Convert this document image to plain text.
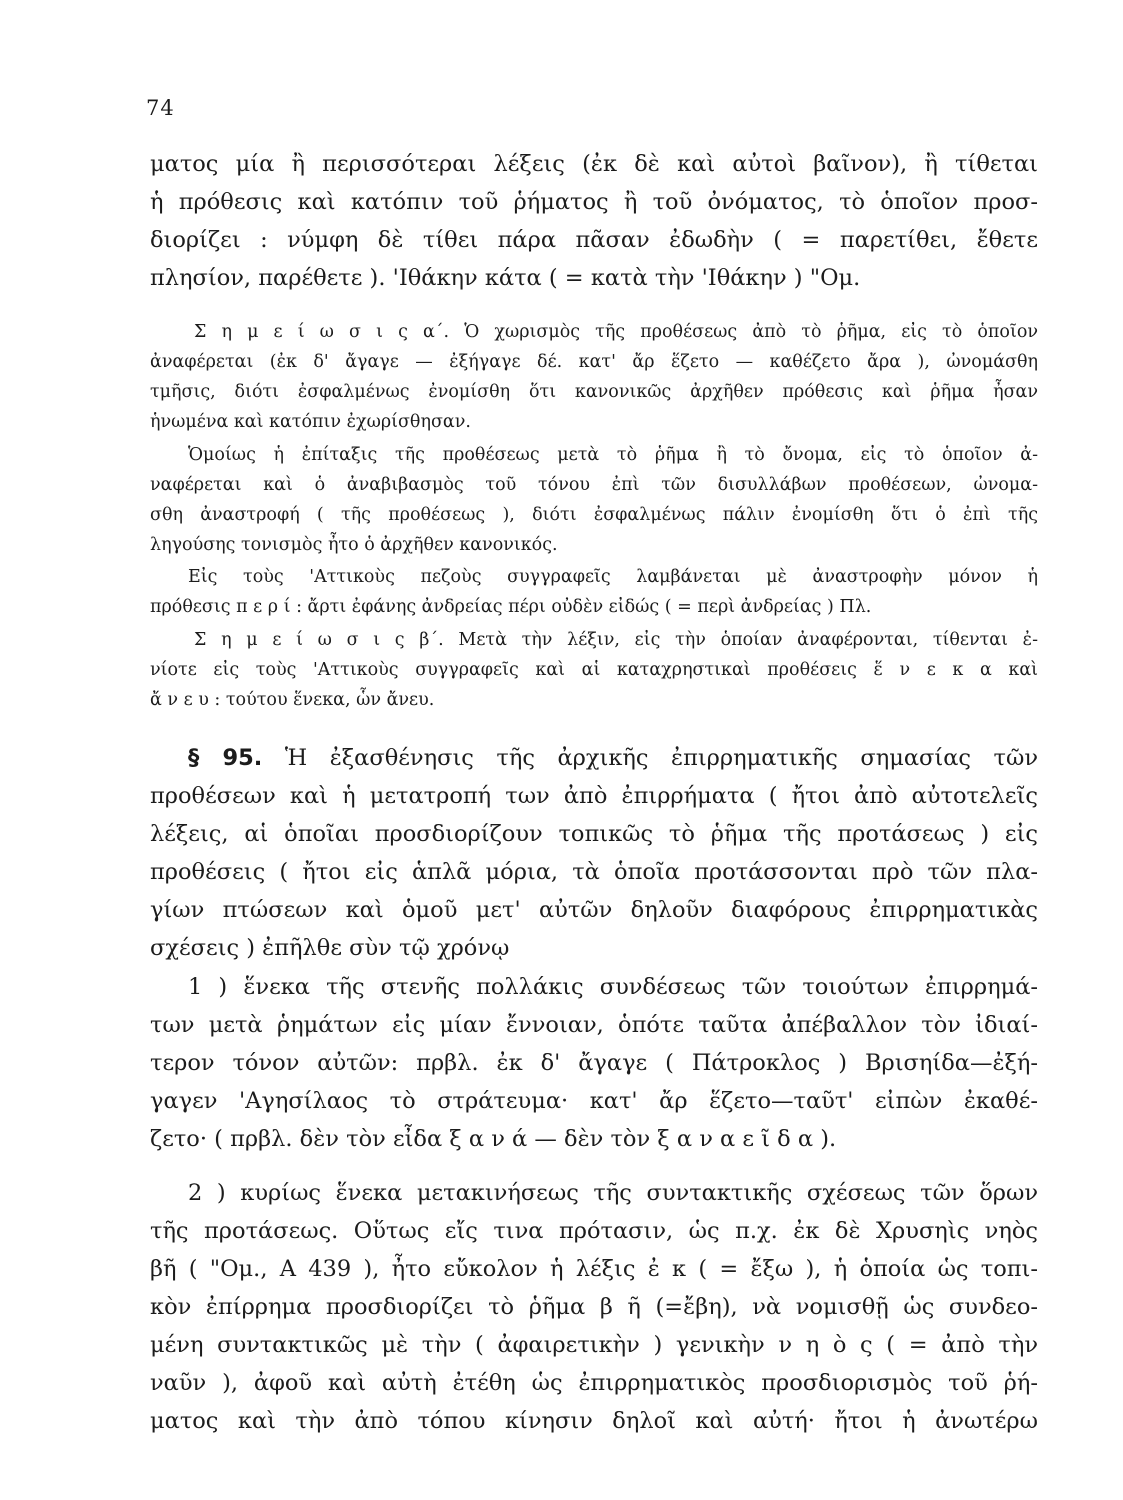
74
ματος μία ἢ περισσότεραι λέξεις (ἐκ δὲ καὶ αὐτοὶ βαῖνον), ἢ τίθεται
ἡ πρόθεσις καὶ κατόπιν τοῦ ῥήματος ἢ τοῦ ὀνόματος, τὸ ὁποῖον προσ-
διορίζει : νύμφη δὲ τίθει πάρα πᾶσαν ἐδωδὴν ( = παρετίθει, ἔθετε
πλησίον, παρέθετε ). 'Ιθάκην κάτα ( = κατὰ τὴν 'Ιθάκην ) "Ομ.
Σ η μ ε ί ω σ ι ς α΄. Ὁ χωρισμὸς τῆς προθέσεως ἀπὸ τὸ ῥῆμα, εἰς τὸ ὁποῖον
ἀναφέρεται (ἐκ δ' ἄγαγε — ἐξήγαγε δέ. κατ' ἄρ ἕζετο — καθέζετο ἄρα ), ὠνομάσθη
τμῆσις, διότι ἐσφαλμένως ἐνομίσθη ὅτι κανονικῶς ἀρχῆθεν πρόθεσις καὶ ῥῆμα ἦσαν
ἡνωμένα καὶ κατόπιν ἐχωρίσθησαν.
Ὁμοίως ἡ ἐπίταξις τῆς προθέσεως μετὰ τὸ ῥῆμα ἢ τὸ ὄνομα, εἰς τὸ ὁποῖον ἀ-
ναφέρεται καὶ ὁ ἀναβιβασμὸς τοῦ τόνου ἐπὶ τῶν δισυλλάβων προθέσεων, ὠνομα-
σθη ἀναστροφή ( τῆς προθέσεως ), διότι ἐσφαλμένως πάλιν ἐνομίσθη ὅτι ὁ ἐπὶ τῆς
ληγούσης τονισμὸς ἦτο ὁ ἀρχῆθεν κανονικός.
Εἰς τοὺς 'Αττικοὺς πεζοὺς συγγραφεῖς λαμβάνεται μὲ ἀναστροφὴν μόνον ἡ
πρόθεσις π ε ρ ί : ἄρτι ἐφάνης ἀνδρείας πέρι οὐδὲν εἰδώς ( = περὶ ἀνδρείας ) Πλ.
Σ η μ ε ί ω σ ι ς β΄. Μετὰ τὴν λέξιν, εἰς τὴν ὁποίαν ἀναφέρονται, τίθενται ἐ-
νίοτε εἰς τοὺς 'Αττικοὺς συγγραφεῖς καὶ αἱ καταχρηστικαὶ προθέσεις ἕ ν ε κ α καὶ
ἄ ν ε υ : τούτου ἕνεκα, ὧν ἄνευ.
§ 95. Ἡ ἐξασθένησις τῆς ἀρχικῆς ἐπιρρηματικῆς σημασίας τῶν
προθέσεων καὶ ἡ μετατροπή των ἀπὸ ἐπιρρήματα ( ἤτοι ἀπὸ αὐτοτελεῖς
λέξεις, αἱ ὁποῖαι προσδιορίζουν τοπικῶς τὸ ῥῆμα τῆς προτάσεως ) εἰς
προθέσεις ( ἤτοι εἰς ἁπλᾶ μόρια, τὰ ὁποῖα προτάσσονται πρὸ τῶν πλα-
γίων πτώσεων καὶ ὁμοῦ μετ' αὐτῶν δηλοῦν διαφόρους ἐπιρρηματικὰς
σχέσεις ) ἐπῆλθε σὺν τῷ χρόνῳ
1 ) ἕνεκα τῆς στενῆς πολλάκις συνδέσεως τῶν τοιούτων ἐπιρρημά-
των μετὰ ῥημάτων εἰς μίαν ἔννοιαν, ὁπότε ταῦτα ἀπέβαλλον τὸν ἰδιαί-
τερον τόνον αὐτῶν: πρβλ. ἐκ δ' ἄγαγε ( Πάτροκλος ) Βρισηίδα—ἐξή-
γαγεν 'Αγησίλαος τὸ στράτευμα· κατ' ἄρ ἕζετο—ταῦτ' εἰπὼν ἐκαθέ-
ζετο· ( πρβλ. δὲν τὸν εἶδα ξ α ν ά — δὲν τὸν ξ α ν α ε ῖ δ α ).
2 ) κυρίως ἕνεκα μετακινήσεως τῆς συντακτικῆς σχέσεως τῶν ὅρων
τῆς προτάσεως. Οὕτως εἴς τινα πρότασιν, ὡς π.χ. ἐκ δὲ Χρυσηὶς νηὸς
βῆ ( "Ομ., Α 439 ), ἦτο εὔκολον ἡ λέξις ἐ κ ( = ἔξω ), ἡ ὁποία ὡς τοπι-
κὸν ἐπίρρημα προσδιορίζει τὸ ῥῆμα β ῆ (=ἔβη), νὰ νομισθῇ ὡς συνδεο-
μένη συντακτικῶς μὲ τὴν ( ἀφαιρετικὴν ) γενικὴν ν η ὸ ς ( = ἀπὸ τὴν
ναῦν ), ἀφοῦ καὶ αὐτὴ ἐτέθη ὡς ἐπιρρηματικὸς προσδιορισμὸς τοῦ ῥή-
ματος καὶ τὴν ἀπὸ τόπου κίνησιν δηλοῖ καὶ αὐτή· ἤτοι ἡ ἀνωτέρω
